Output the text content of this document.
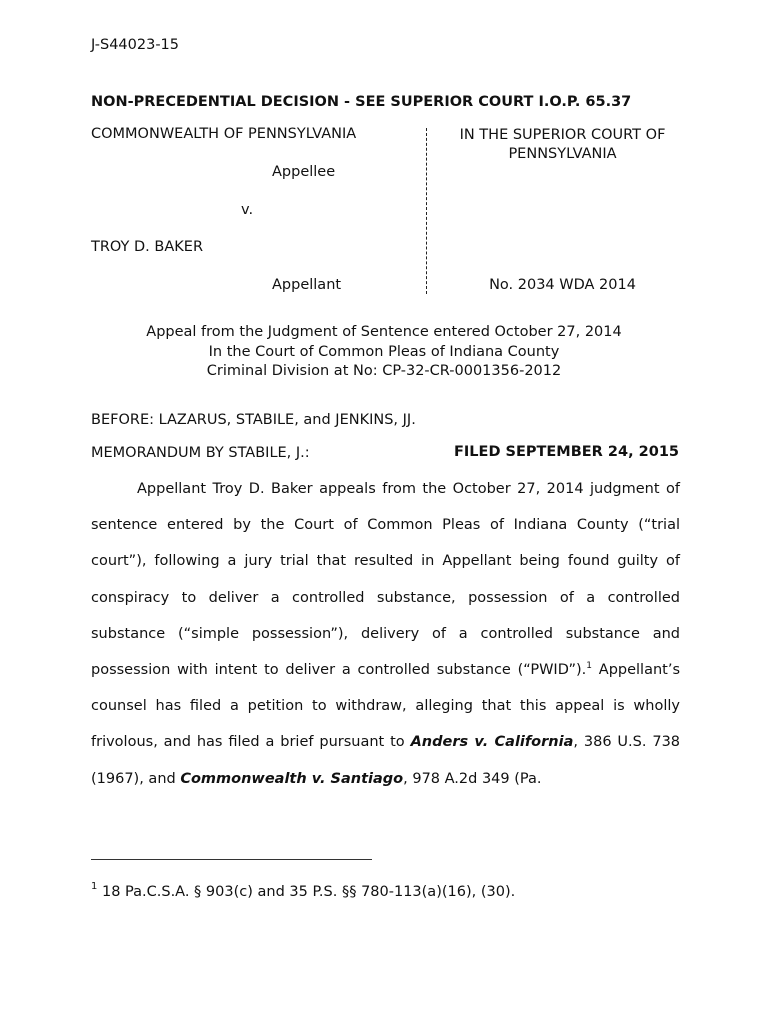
J-S44023-15
NON-PRECEDENTIAL DECISION - SEE SUPERIOR COURT I.O.P. 65.37
COMMONWEALTH OF PENNSYLVANIA
Appellee
v.
TROY D. BAKER
Appellant
IN THE SUPERIOR COURT OF PENNSYLVANIA
No. 2034 WDA 2014
Appeal from the Judgment of Sentence entered October 27, 2014
In the Court of Common Pleas of Indiana County
Criminal Division at No: CP-32-CR-0001356-2012
BEFORE: LAZARUS, STABILE, and JENKINS, JJ.
MEMORANDUM BY STABILE, J.:	FILED SEPTEMBER 24, 2015

Appellant Troy D. Baker appeals from the October 27, 2014 judgment of sentence entered by the Court of Common Pleas of Indiana County (“trial court”), following a jury trial that resulted in Appellant being found guilty of conspiracy to deliver a controlled substance, possession of a controlled substance (“simple possession”), delivery of a controlled substance and possession with intent to deliver a controlled substance (“PWID”).$^1$ Appellant’s counsel has filed a petition to withdraw, alleging that this appeal is wholly frivolous, and has filed a brief pursuant to Anders v. California, 386 U.S. 738 (1967), and Commonwealth v. Santiago, 978 A.2d 349 (Pa.

$^1$ 18 Pa.C.S.A. § 903(c) and 35 P.S. §§ 780-113(a)(16), (30).
